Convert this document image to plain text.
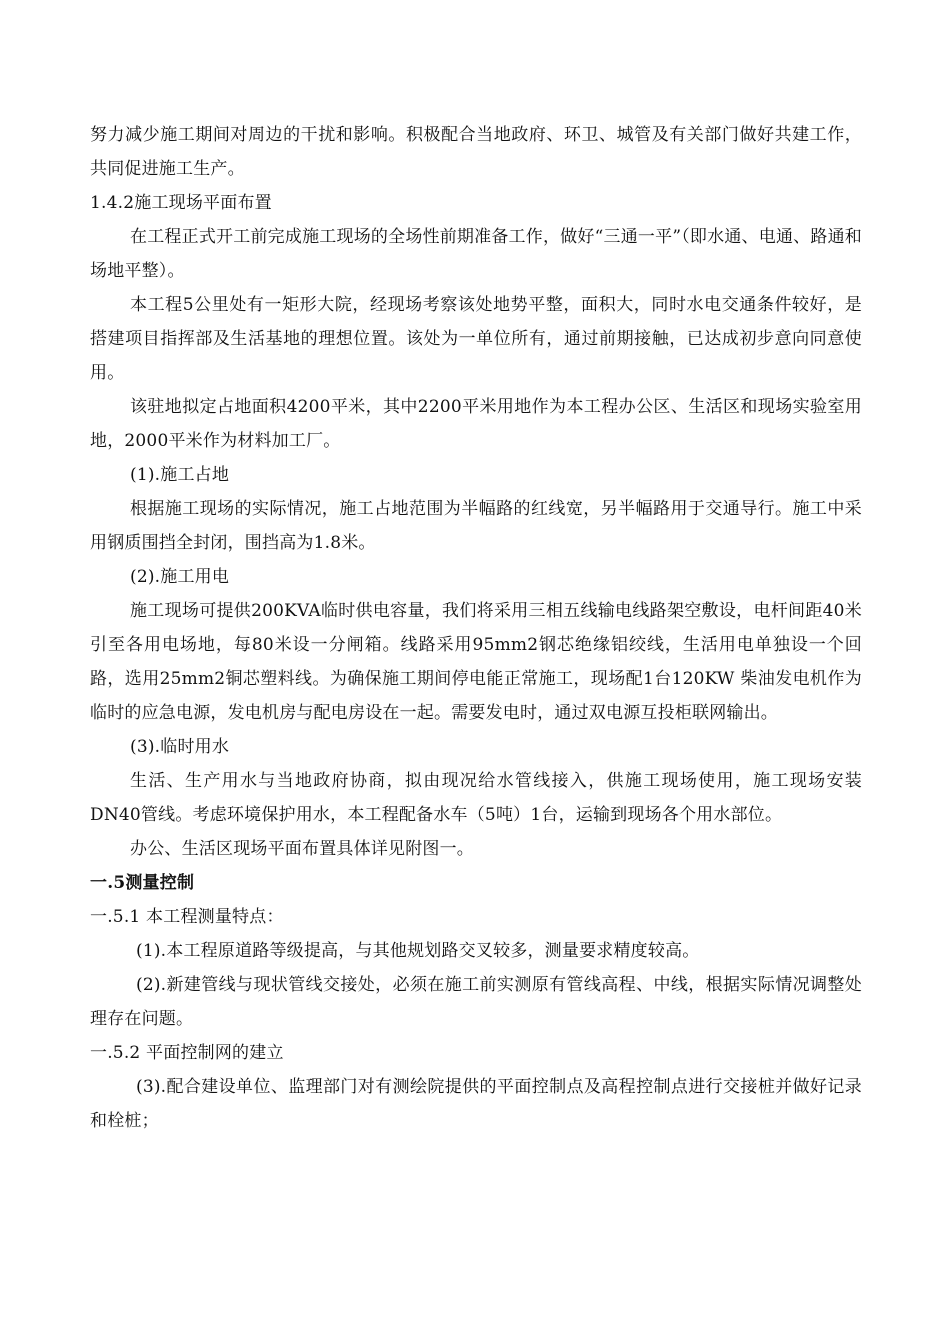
努力减少施工期间对周边的干扰和影响。积极配合当地政府、环卫、城管及有关部门做好共建工作，共同促进施工生产。

1.4.2施工现场平面布置

在工程正式开工前完成施工现场的全场性前期准备工作，做好“三通一平”（即水通、电通、路通和场地平整）。

本工程5公里处有一矩形大院，经现场考察该处地势平整，面积大，同时水电交通条件较好，是搭建项目指挥部及生活基地的理想位置。该处为一单位所有，通过前期接触，已达成初步意向同意使用。

该驻地拟定占地面积4200平米，其中2200平米用地作为本工程办公区、生活区和现场实验室用地，2000平米作为材料加工厂。

(1).施工占地

根据施工现场的实际情况，施工占地范围为半幅路的红线宽，另半幅路用于交通导行。施工中采用钢质围挡全封闭，围挡高为1.8米。

(2).施工用电

施工现场可提供200KVA临时供电容量，我们将采用三相五线输电线路架空敷设，电杆间距40米引至各用电场地，每80米设一分闸箱。线路采用95mm2钢芯绝缘铝绞线，生活用电单独设一个回路，选用25mm2铜芯塑料线。为确保施工期间停电能正常施工，现场配1台120KW 柴油发电机作为临时的应急电源，发电机房与配电房设在一起。需要发电时，通过双电源互投柜联网输出。

(3).临时用水

生活、生产用水与当地政府协商，拟由现况给水管线接入，供施工现场使用，施工现场安装DN40管线。考虑环境保护用水，本工程配备水车（5吨）1台，运输到现场各个用水部位。

办公、生活区现场平面布置具体详见附图一。

一.5测量控制

一.5.1 本工程测量特点：

(1).本工程原道路等级提高，与其他规划路交叉较多，测量要求精度较高。

(2).新建管线与现状管线交接处，必须在施工前实测原有管线高程、中线，根据实际情况调整处理存在问题。

一.5.2 平面控制网的建立

(3).配合建设单位、监理部门对有测绘院提供的平面控制点及高程控制点进行交接桩并做好记录和栓桩；
